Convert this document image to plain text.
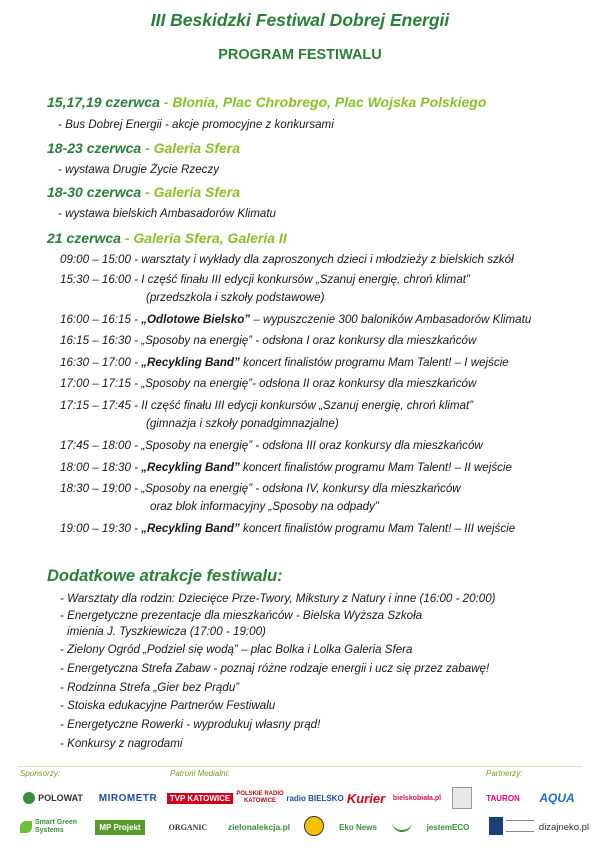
III Beskidzki Festiwal Dobrej Energii
PROGRAM FESTIWALU
15,17,19 czerwca - Błonia, Plac Chrobrego, Plac Wojska Polskiego
- Bus Dobrej Energii - akcje promocyjne z konkursami
18-23 czerwca - Galeria Sfera
- wystawa Drugie Życie Rzeczy
18-30 czerwca - Galeria Sfera
- wystawa bielskich Ambasadorów Klimatu
21 czerwca - Galeria Sfera, Galeria II
09:00 – 15:00 - warsztaty i wykłady dla zaproszonych dzieci i młodzieży z bielskich szkół
15:30 – 16:00 - I część finału III edycji konkursów „Szanuj energię, chroń klimat”
(przedszkola i szkoły podstawowe)
16:00 – 16:15 - „Odlotowe Bielsko” – wypuszczenie 300 baloników Ambasadorów Klimatu
16:15 – 16:30 - „Sposoby na energię” - odsłona I oraz konkursy dla mieszkańców
16:30 – 17:00 - „Recykling Band” koncert finalistów programu Mam Talent! – I wejście
17:00 – 17:15 - „Sposoby na energię”- odsłona II oraz konkursy dla mieszkańców
17:15 – 17:45 - II część finału III edycji konkursów „Szanuj energię, chroń klimat”
(gimnazja i szkoły ponadgimnazjalne)
17:45 – 18:00 - „Sposoby na energię” - odsłona III oraz konkursy dla mieszkańców
18:00 – 18:30 - „Recykling Band” koncert finalistów programu Mam Talent! – II wejście
18:30 – 19:00 - „Sposoby na energię” - odsłona IV, konkursy dla mieszkańców
oraz blok informacyjny „Sposoby na odpady”
19:00 – 19:30 - „Recykling Band” koncert finalistów programu Mam Talent! – III wejście
Dodatkowe atrakcje festiwalu:
- Warsztaty dla rodzin: Dziecięce Prze-Twory, Mikstury z Natury i inne (16:00 - 20:00)
- Energetyczne prezentacje dla mieszkańców - Bielska Wyższa Szkoła
imienia J. Tyszkiewicza (17:00 - 19:00)
- Zielony Ogród „Podziel się wodą” – plac Bolka i Lolka Galeria Sfera
- Energetyczna Strefa Zabaw - poznaj różne rodzaje energii i ucz się przez zabawę!
- Rodzinna Strefa „Gier bez Prądu”
- Stoiska edukacyjne Partnerów Festiwalu
- Energetyczne Rowerki - wyprodukuj własny prąd!
- Konkursy z nagrodami
Sponsorzy:	Patroni Medialni:	Partnerzy:
POLOWAT MIROMETR	TVP KATOWICE	POLSKIE RADIO KATOWICE	radio BIELSKO Kurier bielskobiała.pl	TAURON AQUA
Smart Green Systems	MP Projekt	ORGANIC zielonalekcja.pl	Eko News	jestemECO	dizajneko.pl
